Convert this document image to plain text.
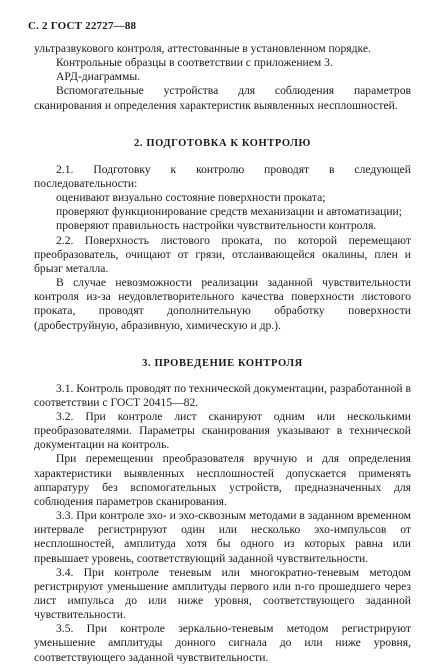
С. 2 ГОСТ 22727—88

ультразвукового контроля, аттестованные в установленном порядке.

Контрольные образцы в соответствии с приложением 3.

АРД-диаграммы.

Вспомогательные устройства для соблюдения параметров сканирования и определения характеристик выявленных несплошностей.

2. ПОДГОТОВКА К КОНТРОЛЮ

2.1. Подготовку к контролю проводят в следующей последовательности:

оценивают визуально состояние поверхности проката;

проверяют функционирование средств механизации и автоматизации;

проверяют правильность настройки чувствительности контроля.

2.2. Поверхность листового проката, по которой перемещают преобразователь, очищают от грязи, отслаивающейся окалины, плен и брызг металла.

В случае невозможности реализации заданной чувствительности контроля из-за неудовлетворительного качества поверхности листового проката, проводят дополнительную обработку поверхности (дробеструйную, абразивную, химическую и др.).

3. ПРОВЕДЕНИЕ КОНТРОЛЯ

3.1. Контроль проводят по технической документации, разработанной в соответствии с ГОСТ 20415—82.

3.2. При контроле лист сканируют одним или несколькими преобразователями. Параметры сканирования указывают в технической документации на контроль.

При перемещении преобразователя вручную и для определения характеристики выявленных несплошностей допускается применять аппаратуру без вспомогательных устройств, предназначенных для соблюдения параметров сканирования.

3.3. При контроле эхо- и эхо-сквозным методами в заданном временном интервале регистрируют один или несколько эхо-импульсов от несплошностей, амплитуда хотя бы одного из которых равна или превышает уровень, соответствующий заданной чувствительности.

3.4. При контроле теневым или многократно-теневым методом регистрируют уменьшение амплитуды первого или n-го прошедшего через лист импульса до или ниже уровня, соответствующего заданной чувствительности.

3.5. При контроле зеркально-теневым методом регистрируют уменьшение амплитуды донного сигнала до или ниже уровня, соответствующего заданной чувствительности.
